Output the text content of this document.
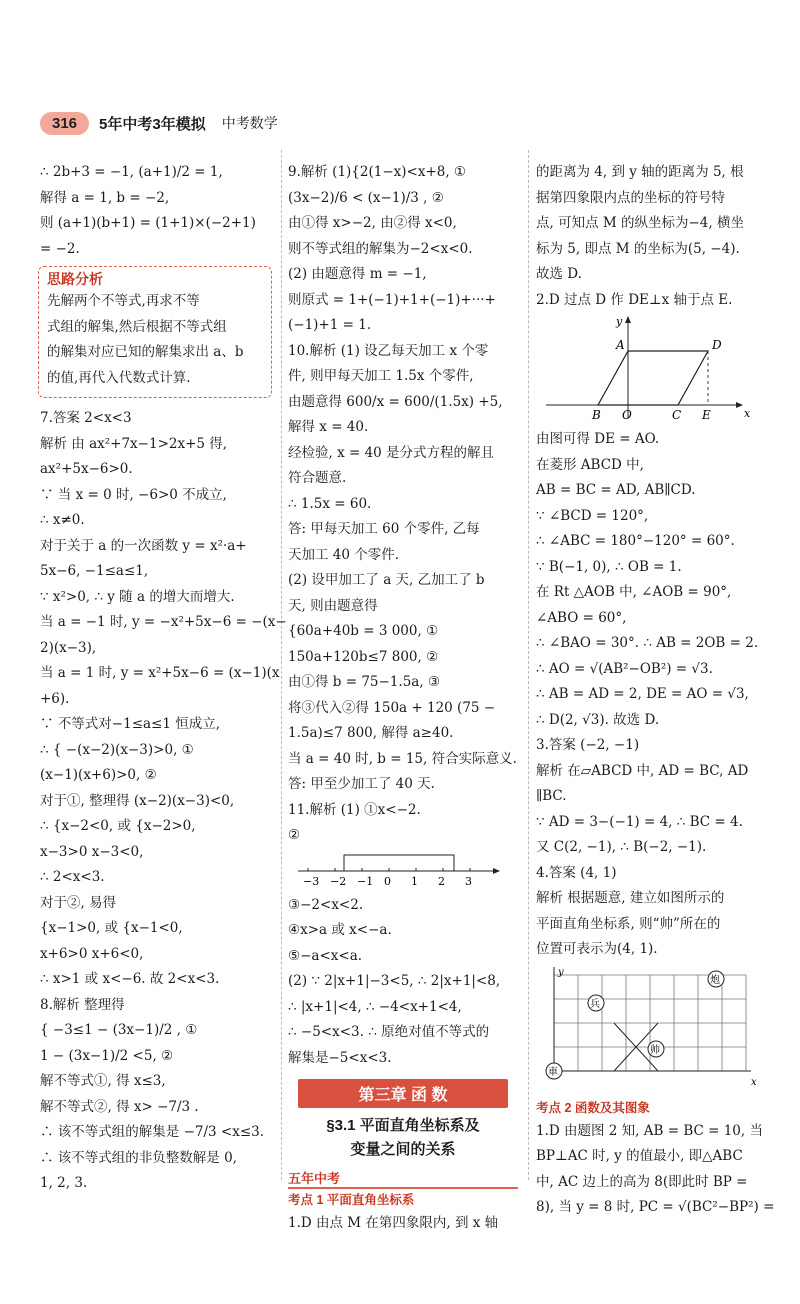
316	5年中考3年模拟 中考数学
∴ 2b+3 = −1, (a+1)/2 = 1,
解得 a = 1, b = −2,
则 (a+1)(b+1) = (1+1)×(−2+1)
= −2.
思路分析
先解两个不等式,再求不等
式组的解集,然后根据不等式组
的解集对应已知的解集求出 a、b
的值,再代入代数式计算.
7.答案 2<x<3
解析 由 ax²+7x−1>2x+5 得,
ax²+5x−6>0.
∵ 当 x = 0 时, −6>0 不成立,
∴ x≠0.
对于关于 a 的一次函数 y = x²·a+
5x−6, −1≤a≤1,
∵ x²>0, ∴ y 随 a 的增大而增大.
当 a = −1 时, y = −x²+5x−6 = −(x−
2)(x−3),
当 a = 1 时, y = x²+5x−6 = (x−1)(x
+6).
∵ 不等式对−1≤a≤1 恒成立,
∴ { −(x−2)(x−3)>0, ①
(x−1)(x+6)>0, ②
对于①, 整理得 (x−2)(x−3)<0,
∴ {x−2<0, 或 {x−2>0,
x−3>0 x−3<0,
∴ 2<x<3.
对于②, 易得
{x−1>0, 或 {x−1<0,
x+6>0 x+6<0,
∴ x>1 或 x<−6. 故 2<x<3.
8.解析 整理得
{ −3≤1 − (3x−1)/2 , ①
1 − (3x−1)/2 <5, ②
解不等式①, 得 x≤3,
解不等式②, 得 x> −7/3 .
∴ 该不等式组的解集是 −7/3 <x≤3.
∴ 该不等式组的非负整数解是 0,
1, 2, 3.
9.解析 (1){2(1−x)<x+8, ①
(3x−2)/6 < (x−1)/3 , ②
由①得 x>−2, 由②得 x<0,
则不等式组的解集为−2<x<0.
(2) 由题意得 m = −1,
则原式 = 1+(−1)+1+(−1)+···+
(−1)+1 = 1.
10.解析 (1) 设乙每天加工 x 个零
件, 则甲每天加工 1.5x 个零件,
由题意得 600/x = 600/(1.5x) +5,
解得 x = 40.
经检验, x = 40 是分式方程的解且
符合题意.
∴ 1.5x = 60.
答: 甲每天加工 60 个零件, 乙每
天加工 40 个零件.
(2) 设甲加工了 a 天, 乙加工了 b
天, 则由题意得
{60a+40b = 3 000, ①
150a+120b≤7 800, ②
由①得 b = 75−1.5a, ③
将③代入②得 150a + 120 (75 −
1.5a)≤7 800, 解得 a≥40.
当 a = 40 时, b = 15, 符合实际意义.
答: 甲至少加工了 40 天.
11.解析 (1) ①x<−2.
②
−3 −2 −1 0 1 2 3
③−2<x<2.
④x>a 或 x<−a.
⑤−a<x<a.
(2) ∵ 2|x+1|−3<5, ∴ 2|x+1|<8,
∴ |x+1|<4, ∴ −4<x+1<4,
∴ −5<x<3. ∴ 原绝对值不等式的
解集是−5<x<3.
第三章 函 数
§3.1 平面直角坐标系及
变量之间的关系
五年中考
考点 1 平面直角坐标系
1.D 由点 M 在第四象限内, 到 x 轴
的距离为 4, 到 y 轴的距离为 5, 根
据第四象限内点的坐标的符号特
点, 可知点 M 的纵坐标为−4, 横坐
标为 5, 即点 M 的坐标为(5, −4).
故选 D.
2.D 过点 D 作 DE⊥x 轴于点 E.
y
x
A	D
B O	C E
由图可得 DE = AO.
在菱形 ABCD 中,
AB = BC = AD, AB∥CD.
∵ ∠BCD = 120°,
∴ ∠ABC = 180°−120° = 60°.
∵ B(−1, 0), ∴ OB = 1.
在 Rt △AOB 中, ∠AOB = 90°,
∠ABO = 60°,
∴ ∠BAO = 30°. ∴ AB = 2OB = 2.
∴ AO = √(AB²−OB²) = √3.
∴ AB = AD = 2, DE = AO = √3,
∴ D(2, √3). 故选 D.
3.答案 (−2, −1)
解析 在▱ABCD 中, AD = BC, AD
∥BC.
∵ AD = 3−(−1) = 4, ∴ BC = 4.
又 C(2, −1), ∴ B(−2, −1).
4.答案 (4, 1)
解析 根据题意, 建立如图所示的
平面直角坐标系, 则“帅”所在的
位置可表示为(4, 1).
y
x
炮
兵
帅
車
考点 2 函数及其图象
1.D 由题图 2 知, AB = BC = 10, 当
BP⊥AC 时, y 的值最小, 即△ABC
中, AC 边上的高为 8(即此时 BP =
8), 当 y = 8 时, PC = √(BC²−BP²) =
